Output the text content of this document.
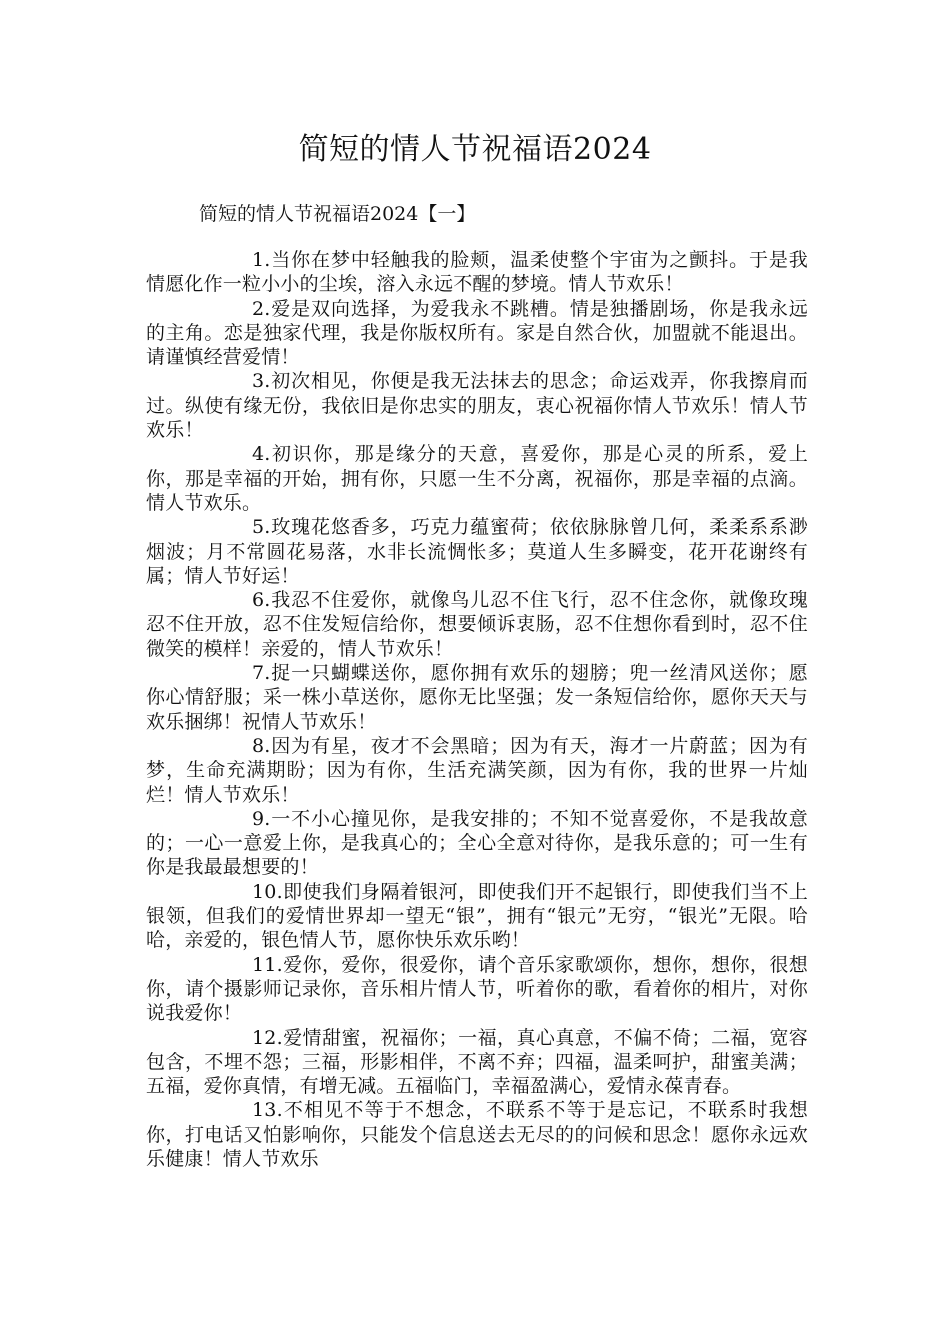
简短的情人节祝福语2024
简短的情人节祝福语2024【一】

1.当你在梦中轻触我的脸颊，温柔使整个宇宙为之颤抖。于是我情愿化作一粒小小的尘埃，溶入永远不醒的梦境。情人节欢乐！

2.爱是双向选择，为爱我永不跳槽。情是独播剧场，你是我永远的主角。恋是独家代理，我是你版权所有。家是自然合伙，加盟就不能退出。请谨慎经营爱情！

3.初次相见，你便是我无法抹去的思念；命运戏弄，你我擦肩而过。纵使有缘无份，我依旧是你忠实的朋友，衷心祝福你情人节欢乐！情人节欢乐！

4.初识你，那是缘分的天意，喜爱你，那是心灵的所系，爱上你，那是幸福的开始，拥有你，只愿一生不分离，祝福你，那是幸福的点滴。情人节欢乐。

5.玫瑰花悠香多，巧克力蕴蜜荷；依依脉脉曾几何，柔柔系系渺烟波；月不常圆花易落，水非长流惆怅多；莫道人生多瞬变，花开花谢终有属；情人节好运！

6.我忍不住爱你，就像鸟儿忍不住飞行，忍不住念你，就像玫瑰忍不住开放，忍不住发短信给你，想要倾诉衷肠，忍不住想你看到时，忍不住微笑的模样！亲爱的，情人节欢乐！

7.捉一只蝴蝶送你，愿你拥有欢乐的翅膀；兜一丝清风送你；愿你心情舒服；采一株小草送你，愿你无比坚强；发一条短信给你，愿你天天与欢乐捆绑！祝情人节欢乐！

8.因为有星，夜才不会黑暗；因为有天，海才一片蔚蓝；因为有梦，生命充满期盼；因为有你，生活充满笑颜，因为有你，我的世界一片灿烂！情人节欢乐！

9.一不小心撞见你，是我安排的；不知不觉喜爱你，不是我故意的；一心一意爱上你，是我真心的；全心全意对待你，是我乐意的；可一生有你是我最最想要的！

10.即使我们身隔着银河，即使我们开不起银行，即使我们当不上银领，但我们的爱情世界却一望无“银”，拥有“银元”无穷，“银光”无限。哈哈，亲爱的，银色情人节，愿你快乐欢乐哟！

11.爱你，爱你，很爱你，请个音乐家歌颂你，想你，想你，很想你，请个摄影师记录你，音乐相片情人节，听着你的歌，看着你的相片，对你说我爱你！

12.爱情甜蜜，祝福你；一福，真心真意，不偏不倚；二福，宽容包含，不埋不怨；三福，形影相伴，不离不弃；四福，温柔呵护，甜蜜美满；五福，爱你真情，有增无减。五福临门，幸福盈满心，爱情永葆青春。

13.不相见不等于不想念，不联系不等于是忘记，不联系时我想你，打电话又怕影响你，只能发个信息送去无尽的的问候和思念！愿你永远欢乐健康！情人节欢乐
